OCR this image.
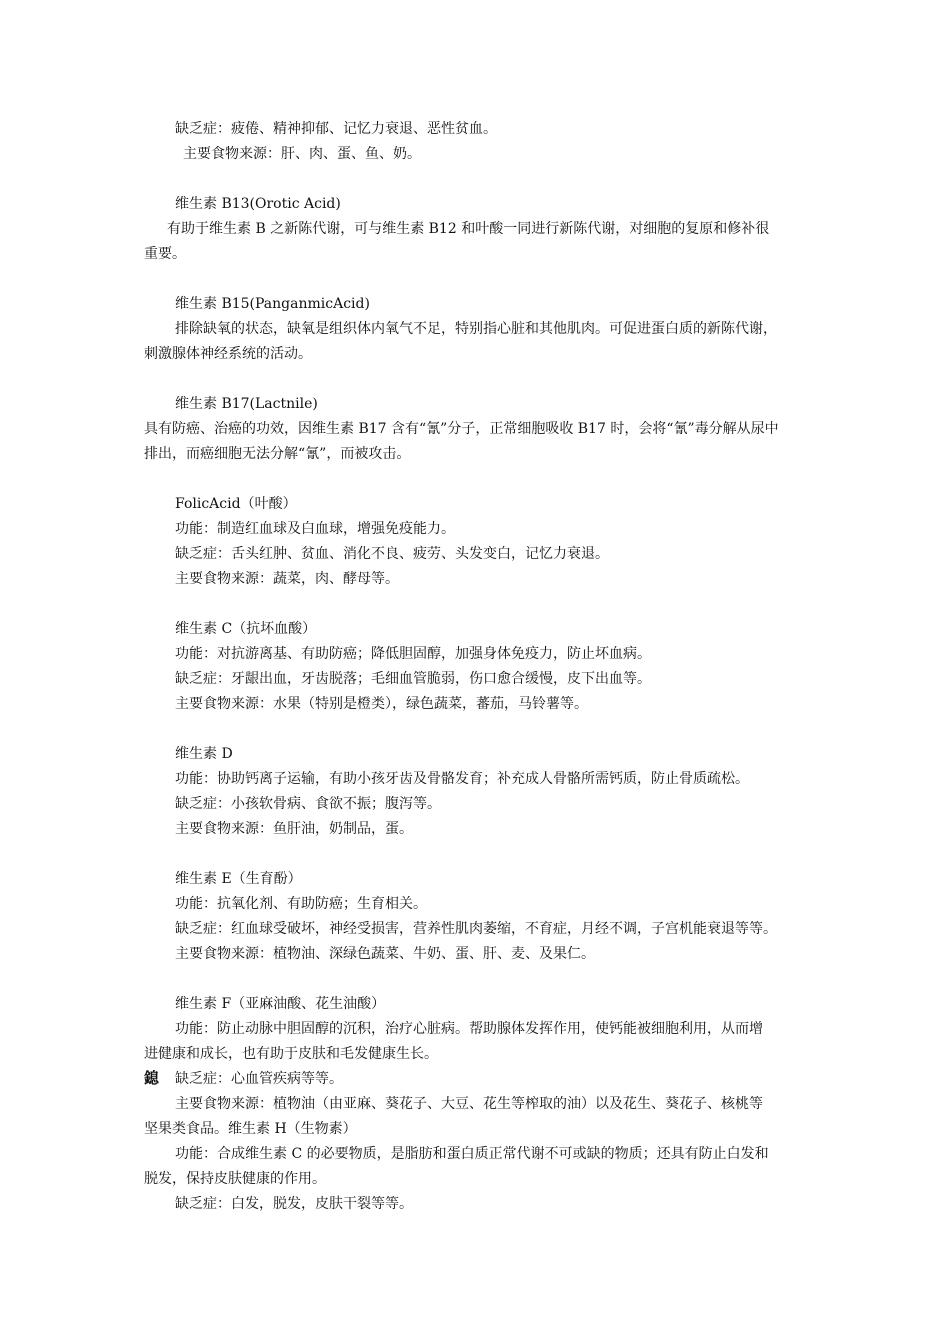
缺乏症：疲倦、精神抑郁、记忆力衰退、恶性贫血。
主要食物来源：肝、肉、蛋、鱼、奶。
维生素 B13(Orotic Acid)
有助于维生素 B 之新陈代谢，可与维生素 B12 和叶酸一同进行新陈代谢，对细胞的复原和修补很
重要。
维生素 B15(PanganmicAcid)
排除缺氧的状态，缺氧是组织体内氧气不足，特别指心脏和其他肌肉。可促进蛋白质的新陈代谢，
刺激腺体神经系统的活动。
维生素 B17(Lactnile)
具有防癌、治癌的功效，因维生素 B17 含有“氰”分子，正常细胞吸收 B17 时，会将“氰”毒分解从尿中
排出，而癌细胞无法分解“氰”，而被攻击。
FolicAcid（叶酸）
功能：制造红血球及白血球，增强免疫能力。
缺乏症：舌头红肿、贫血、消化不良、疲劳、头发变白，记忆力衰退。
主要食物来源：蔬菜，肉、酵母等。
维生素 C（抗坏血酸）
功能：对抗游离基、有助防癌；降低胆固醇，加强身体免疫力，防止坏血病。
缺乏症：牙龈出血，牙齿脱落；毛细血管脆弱，伤口愈合缓慢，皮下出血等。
主要食物来源：水果（特别是橙类），绿色蔬菜，蕃茄，马铃薯等。
维生素 D
功能：协助钙离子运输，有助小孩牙齿及骨骼发育；补充成人骨骼所需钙质，防止骨质疏松。
缺乏症：小孩软骨病、食欲不振；腹泻等。
主要食物来源：鱼肝油，奶制品，蛋。
维生素 E（生育酚）
功能：抗氧化剂、有助防癌；生育相关。
缺乏症：红血球受破坏，神经受损害，营养性肌肉萎缩，不育症，月经不调，子宫机能衰退等等。
主要食物来源：植物油、深绿色蔬菜、牛奶、蛋、肝、麦、及果仁。
维生素 F（亚麻油酸、花生油酸）
功能：防止动脉中胆固醇的沉积，治疗心脏病。帮助腺体发挥作用，使钙能被细胞利用，从而增
进健康和成长，也有助于皮肤和毛发健康生长。
鎴 缺乏症：心血管疾病等等。
主要食物来源：植物油（由亚麻、葵花子、大豆、花生等榨取的油）以及花生、葵花子、核桃等
坚果类食品。维生素 H（生物素）
功能：合成维生素 C 的必要物质，是脂肪和蛋白质正常代谢不可或缺的物质；还具有防止白发和
脱发，保持皮肤健康的作用。
缺乏症：白发，脱发，皮肤干裂等等。
